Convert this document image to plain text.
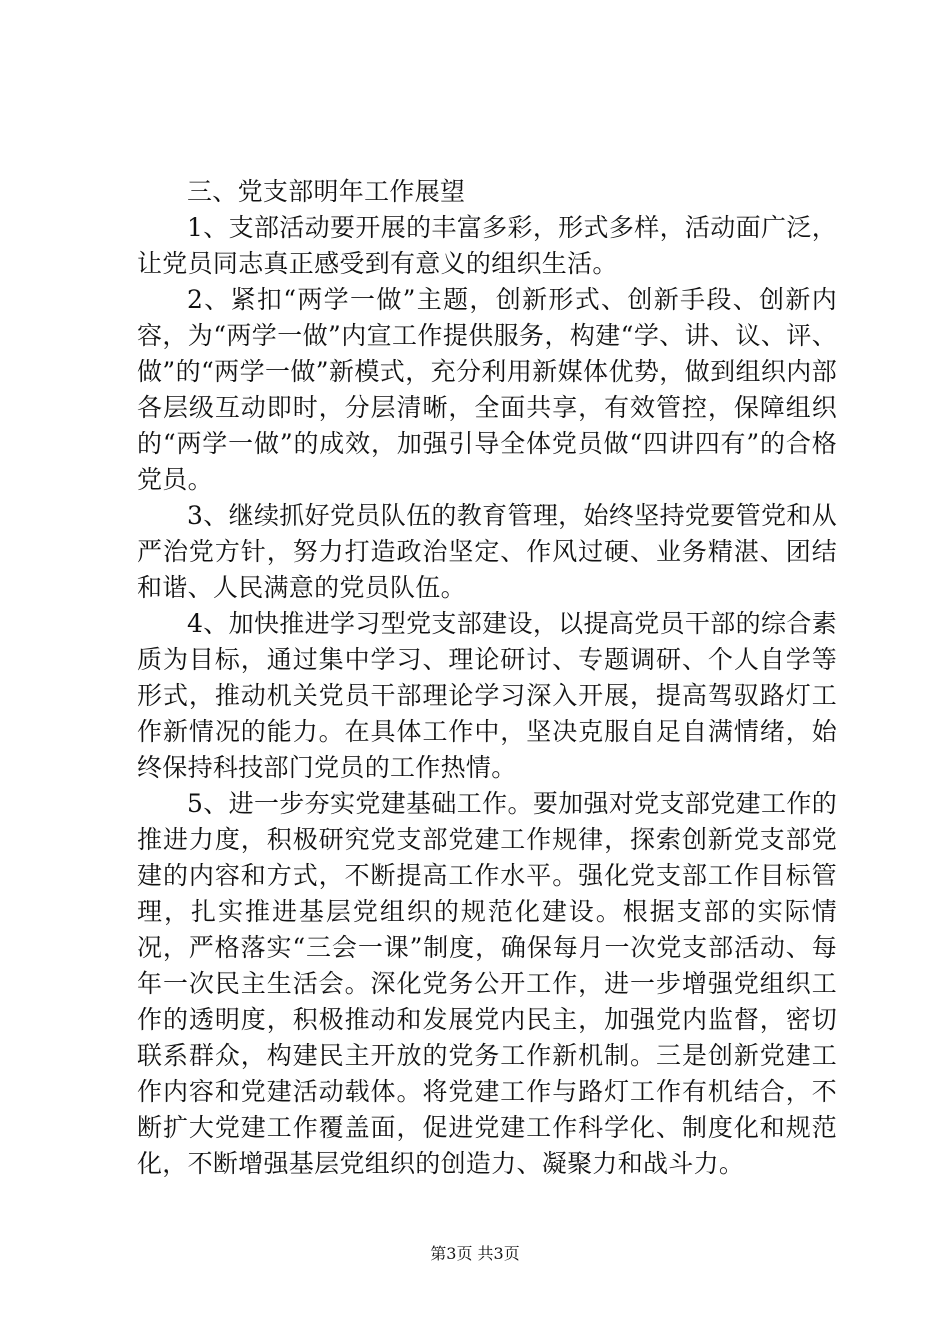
三、党支部明年工作展望

1、支部活动要开展的丰富多彩，形式多样，活动面广泛，让党员同志真正感受到有意义的组织生活。

2、紧扣“两学一做”主题，创新形式、创新手段、创新内容，为“两学一做”内宣工作提供服务，构建“学、讲、议、评、做”的“两学一做”新模式，充分利用新媒体优势，做到组织内部各层级互动即时，分层清晰，全面共享，有效管控，保障组织的“两学一做”的成效，加强引导全体党员做“四讲四有”的合格党员。

3、继续抓好党员队伍的教育管理，始终坚持党要管党和从严治党方针，努力打造政治坚定、作风过硬、业务精湛、团结和谐、人民满意的党员队伍。

4、加快推进学习型党支部建设，以提高党员干部的综合素质为目标，通过集中学习、理论研讨、专题调研、个人自学等形式，推动机关党员干部理论学习深入开展，提高驾驭路灯工作新情况的能力。在具体工作中，坚决克服自足自满情绪，始终保持科技部门党员的工作热情。

5、进一步夯实党建基础工作。要加强对党支部党建工作的推进力度，积极研究党支部党建工作规律，探索创新党支部党建的内容和方式，不断提高工作水平。强化党支部工作目标管理，扎实推进基层党组织的规范化建设。根据支部的实际情况，严格落实“三会一课”制度，确保每月一次党支部活动、每年一次民主生活会。深化党务公开工作，进一步增强党组织工作的透明度，积极推动和发展党内民主，加强党内监督，密切联系群众，构建民主开放的党务工作新机制。三是创新党建工作内容和党建活动载体。将党建工作与路灯工作有机结合，不断扩大党建工作覆盖面，促进党建工作科学化、制度化和规范化，不断增强基层党组织的创造力、凝聚力和战斗力。

第3页 共3页
